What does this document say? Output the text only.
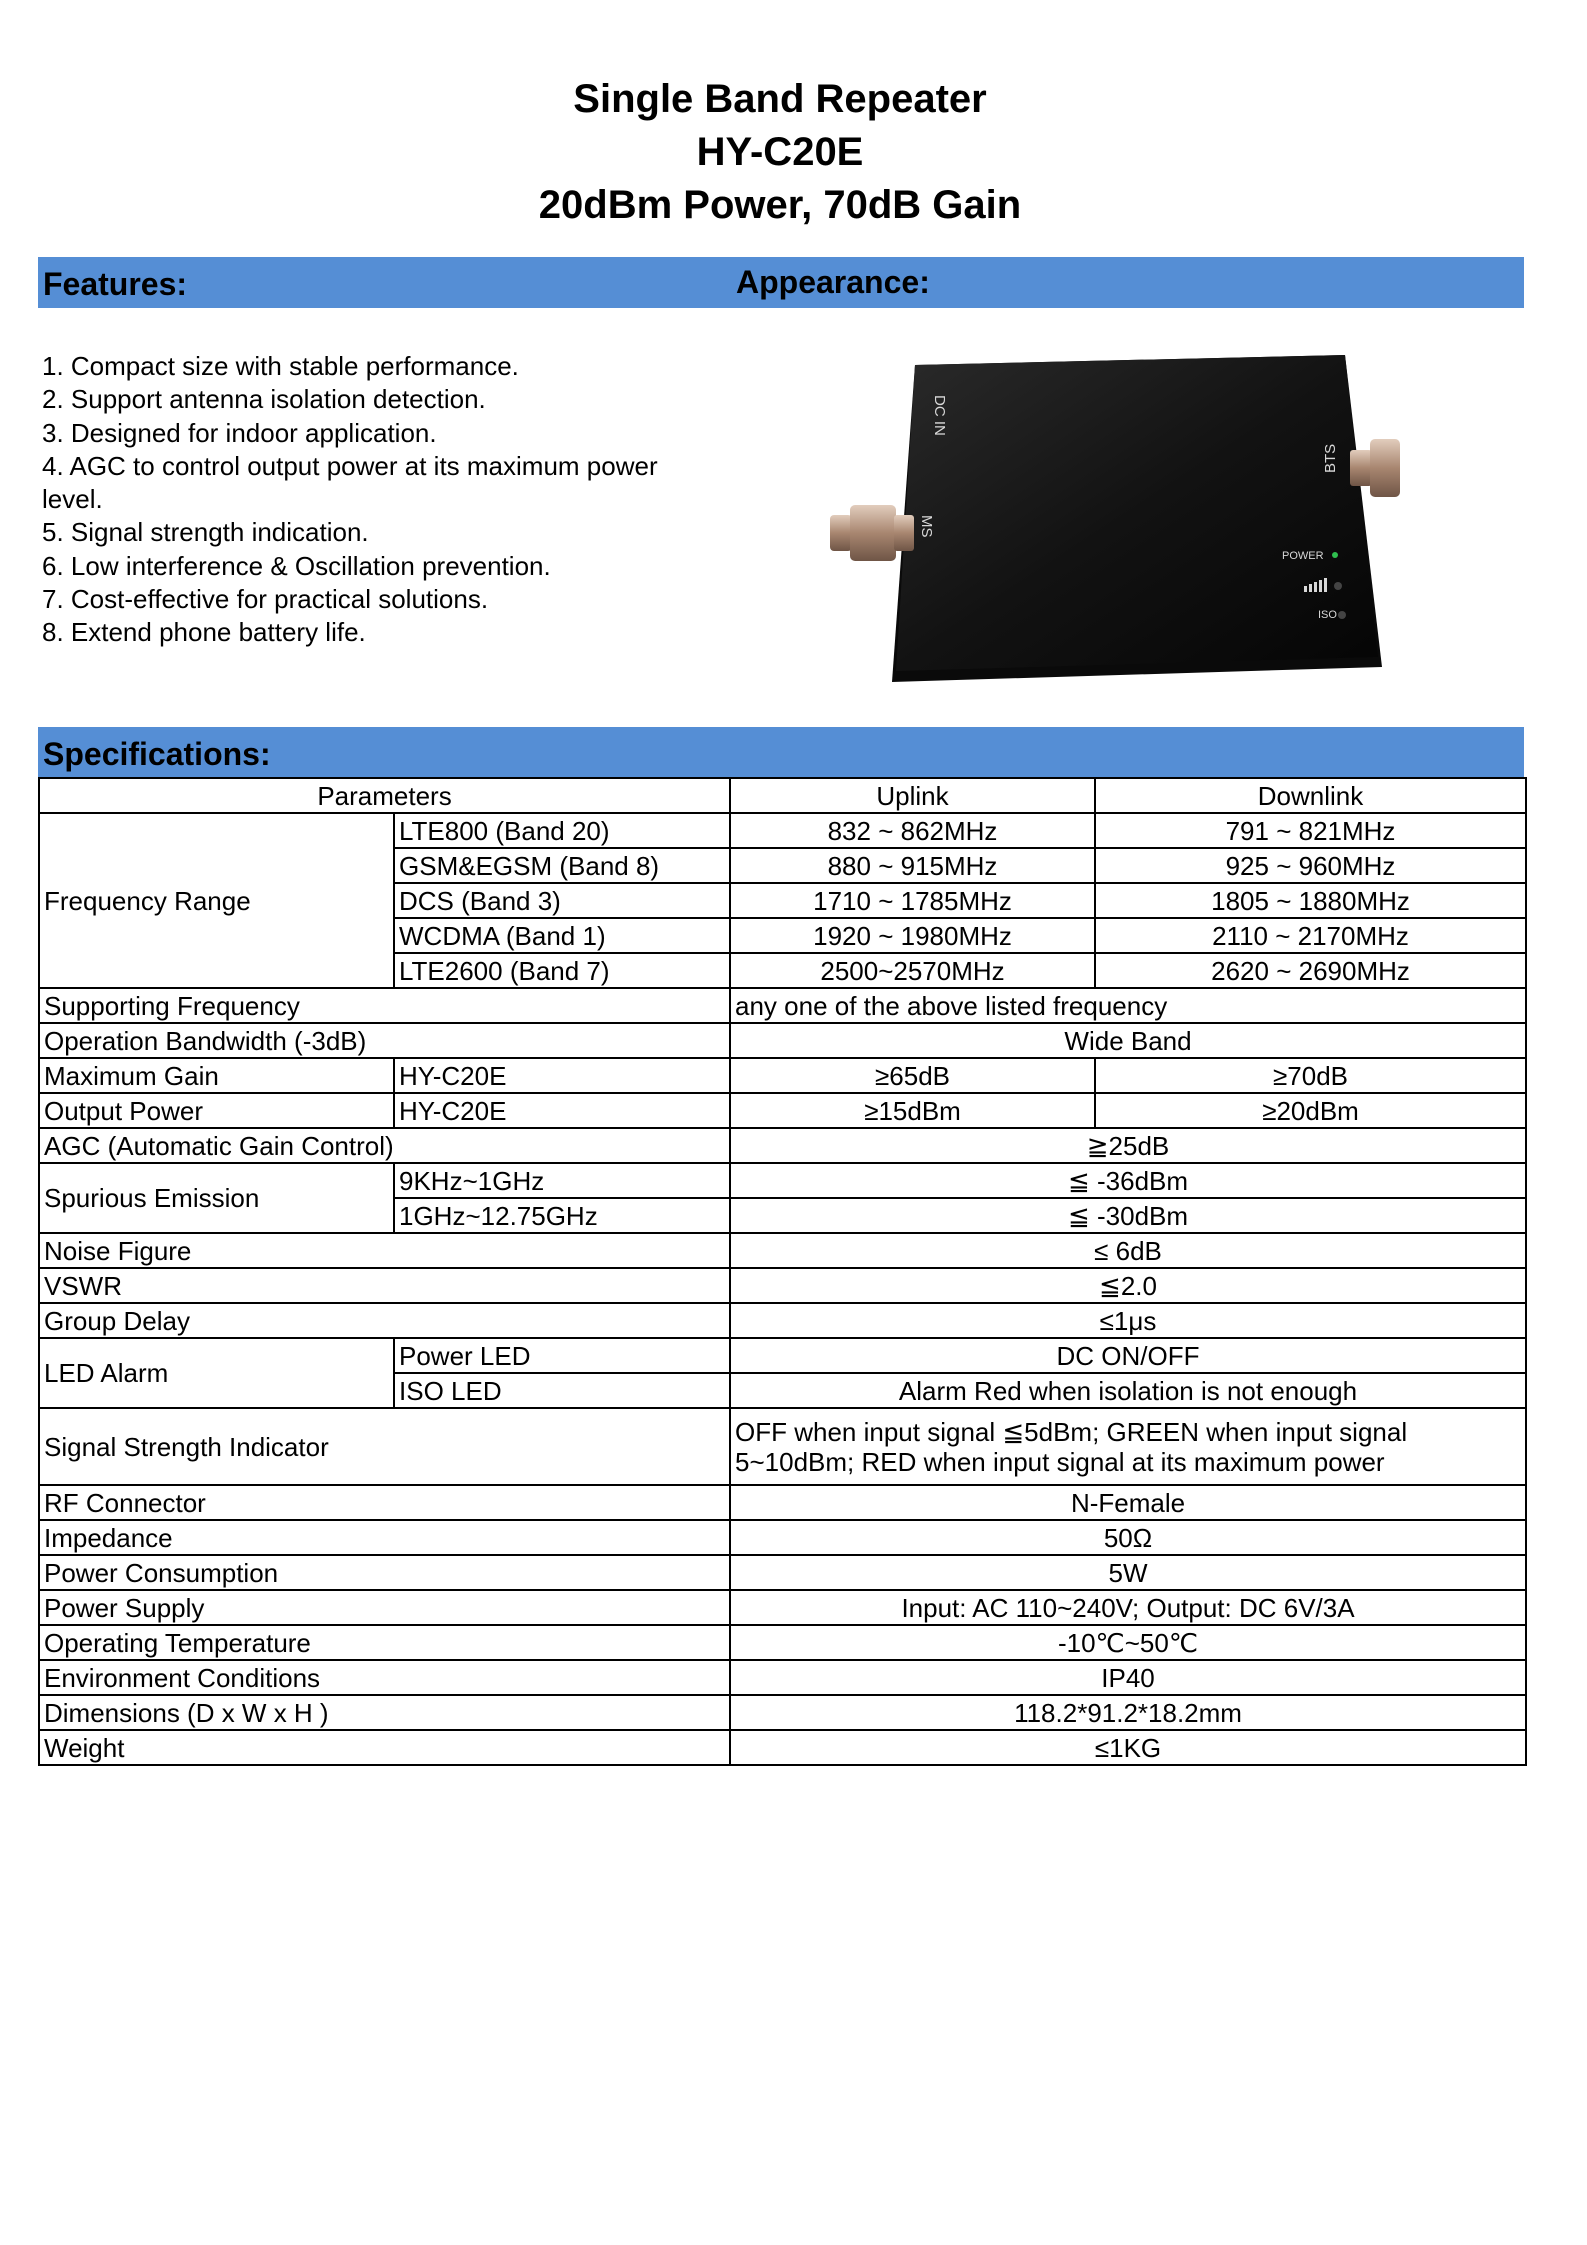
Single Band Repeater
HY-C20E
20dBm Power, 70dB Gain
Features:	Appearance:
1. Compact size with stable performance.
2. Support antenna isolation detection.
3. Designed for indoor application.
4. AGC to control output power at its maximum power level.
5. Signal strength indication.
6. Low interference & Oscillation prevention.
7. Cost-effective for practical solutions.
8. Extend phone battery life.
DC IN
MS
BTS
POWER
ISO
Specifications:
Parameters		Uplink	Downlink
Frequency Range	LTE800 (Band 20)	832 ~ 862MHz	791 ~ 821MHz
	GSM&EGSM (Band 8)	880 ~ 915MHz	925 ~ 960MHz
	DCS (Band 3)	1710 ~ 1785MHz	1805 ~ 1880MHz
	WCDMA (Band 1)	1920 ~ 1980MHz	2110 ~ 2170MHz
	LTE2600 (Band 7)	2500~2570MHz	2620 ~ 2690MHz
Supporting Frequency		any one of the above listed frequency	
Operation Bandwidth (-3dB)		Wide Band	
Maximum Gain	HY-C20E	≥65dB	≥70dB
Output Power	HY-C20E	≥15dBm	≥20dBm
AGC (Automatic Gain Control)		≧25dB	
Spurious Emission	9KHz~1GHz	≦ -36dBm	
	1GHz~12.75GHz	≦ -30dBm	
Noise Figure		≤ 6dB	
VSWR		≦2.0	
Group Delay		≤1μs	
LED Alarm	Power LED	DC ON/OFF	
	ISO LED	Alarm Red when isolation is not enough	
Signal Strength Indicator		OFF when input signal ≦5dBm; GREEN when input signal
5~10dBm; RED when input signal at its maximum power	
RF Connector		N-Female	
Impedance		50Ω	
Power Consumption		5W	
Power Supply		Input: AC 110~240V; Output: DC 6V/3A	
Operating Temperature		-10℃~50℃	
Environment Conditions		IP40	
Dimensions (D x W x H )		118.2*91.2*18.2mm	
Weight		≤1KG	
